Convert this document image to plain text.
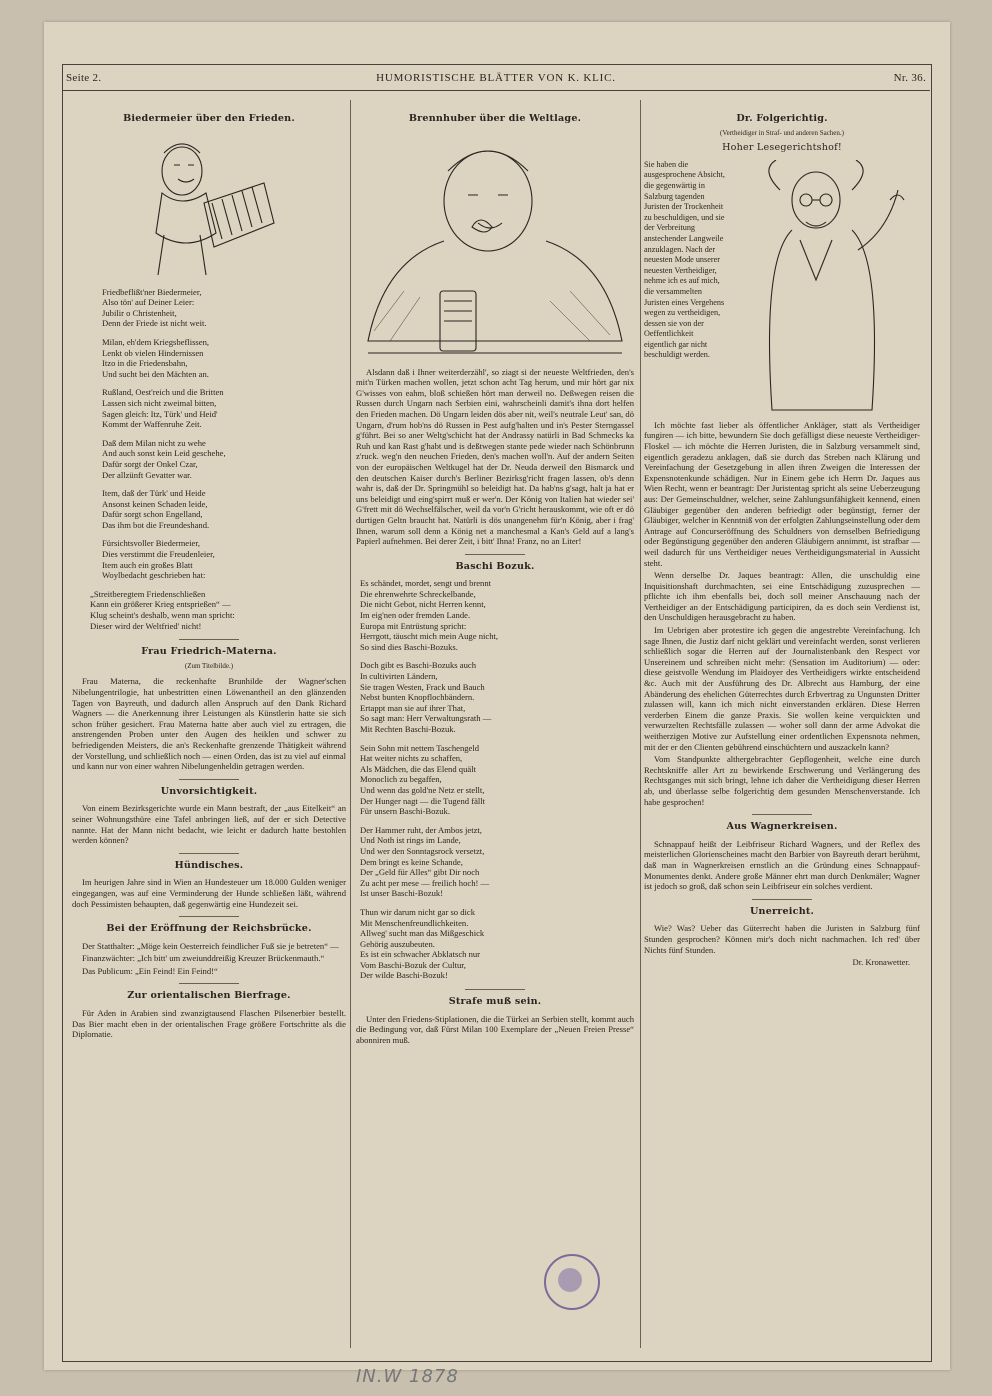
Seite 2.	HUMORISTISCHE BLÄTTER VON K. KLIC.	Nr. 36.
Biedermeier über den Frieden.

Friedbeflißt'ner Biedermeier,
Also tön' auf Deiner Leier:
Jubilir o Christenheit,
Denn der Friede ist nicht weit.

Milan, eh'dem Kriegsbeflissen,
Lenkt ob vielen Hindernissen
Itzo in die Friedensbahn,
Und sucht bei den Mächten an.

Rußland, Oest'reich und die Britten
Lassen sich nicht zweimal bitten,
Sagen gleich: Itz, Türk' und Heid'
Kommt der Waffenruhe Zeit.

Daß dem Milan nicht zu wehe
And auch sonst kein Leid geschehe,
Dafür sorgt der Onkel Czar,
Der allzünft Gevatter war.

Item, daß der Türk' und Heide
Ansonst keinen Schaden leide,
Dafür sorgt schon Engelland,
Das ihm bot die Freundeshand.

Fürsichtsvoller Biedermeier,
Dies verstimmt die Freudenleier,
Item auch ein großes Blatt
Woylbedacht geschrieben hat:

„Streitberegtem Friedenschließen
Kann ein größerer Krieg entsprießen“ —
Klug scheint's deshalb, wenn man spricht:
Dieser wird der Weltfried' nicht!

Frau Friedrich-Materna.
(Zum Titelbilde.)

Frau Materna, die reckenhafte Brunhilde der Wagner'schen Nibelungentrilogie, hat unbestritten einen Löwenantheil an den glänzenden Tagen von Bayreuth, und dadurch allen Anspruch auf den Dank Richard Wagners — die Anerkennung ihrer Leistungen als Künstlerin hatte sie sich schon früher gesichert. Frau Materna hatte aber auch viel zu ertragen, die anstrengenden Proben unter den Augen des heiklen und schwer zu befriedigenden Meisters, die an's Reckenhafte grenzende Thätigkeit während der Vorstellung, und schließlich noch — einen Orden, das ist zu viel auf einmal und kann nur von einer wahren Nibelungenheldin getragen werden.

Unvorsichtigkeit.

Von einem Bezirksgerichte wurde ein Mann bestraft, der „aus Eitelkeit“ an seiner Wohnungsthüre eine Tafel anbringen ließ, auf der er sich Detective nannte. Hat der Mann nicht bedacht, wie leicht er dadurch hatte bestohlen werden können?

Hündisches.

Im heurigen Jahre sind in Wien an Hundesteuer um 18.000 Gulden weniger eingegangen, was auf eine Verminderung der Hunde schließen läßt, während doch Pessimisten behaupten, daß gegenwärtig eine Hundezeit sei.

Bei der Eröffnung der Reichsbrücke.

Der Statthalter: „Möge kein Oesterreich feindlicher Fuß sie je betreten“ —

Finanzwächter: „Ich bitt' um zweiunddreißig Kreuzer Brückenmauth.“

Das Publicum: „Ein Feind! Ein Feind!“

Zur orientalischen Bierfrage.

Für Aden in Arabien sind zwanzigtausend Flaschen Pilsenerbier bestellt. Das Bier macht eben in der orientalischen Frage größere Fortschritte als die Diplomatie.

Brennhuber über die Weltlage.

Alsdann daß i Ihner weiterderzähl', so ziagt si der neueste Weltfrieden, den's mit'n Türken machen wollen, jetzt schon acht Tag herum, und mir hört gar nix G'wisses von eahm, bloß schießen hört man derweil no. Deßwegen reisen die Russen durch Ungarn nach Serbien eini, wahrscheinli damit's ihna dort helfen den Frieden machen. Dö Ungarn leiden dös aber nit, weil's neutrale Leut' san, dö Ungarn, d'rum hob'ns dö Russen in Pest aufg'halten und in's Pester Sterngassel g'führt. Bei so aner Weltg'schicht hat der Andrassy natürli in Bad Schmecks ka Ruh und kan Rast g'habt und is deßtwegen stante pede wieder nach Schönbrunn z'ruck. weg'n den neuchen Frieden, den's machen woll'n. Auf der andern Seiten von der europäischen Weltkugel hat der Dr. Neuda derweil den Bismarck und den deutschen Kaiser durch's Berliner Bezirksg'richt fragen lassen, ob's denn wahr is, daß der Dr. Springmühl so beleidigt hat. Da hab'ns g'sagt, halt ja hat er uns beleidigt und eing'spirrt muß er wer'n. Der König von Italien hat wieder sei' G'frett mit dö Wechselfälscher, weil da vor'n G'richt herauskommt, wie oft er dö durtigen Geltn braucht hat. Natürli is dös unangenehm für'n König, aber i frag' Ihnen, warum soll denn a König net a manchesmal a Kan's Geld auf a lang's Papierl aufnehmen. Bei derer Zeit, i bitt' Ihna! Franz, no an Liter!

Baschi Bozuk.

Es schändet, mordet, sengt und brennt
Die ehrenwehrte Schreckelbande,
Die nicht Gebot, nicht Herren kennt,
Im eig'nen oder fremden Lande.
Europa mit Entrüstung spricht:
Herrgott, täuscht mich mein Auge nicht,
So sind dies Baschi-Bozuks.

Doch gibt es Baschi-Bozuks auch
In cultivirten Ländern,
Sie tragen Westen, Frack und Bauch
Nebst bunten Knopflochbändern.
Ertappt man sie auf ihrer That,
So sagt man: Herr Verwaltungsrath —
Mit Rechten Baschi-Bozuk.

Sein Sohn mit nettem Taschengeld
Hat weiter nichts zu schaffen,
Als Mädchen, die das Elend quält
Monoclich zu begaffen,
Und wenn das gold'ne Netz er stellt,
Der Hunger nagt — die Tugend fällt
Für unsern Baschi-Bozuk.

Der Hammer ruht, der Ambos jetzt,
Und Noth ist rings im Lande,
Und wer den Sonntagsrock versetzt,
Dem bringt es keine Schande,
Der „Geld für Alles“ gibt Dir noch
Zu acht per mese — freilich hoch! —
Ist unser Baschi-Bozuk!

Thun wir darum nicht gar so dick
Mit Menschenfreundlichkeiten.
Allweg' sucht man das Mißgeschick
Gehörig auszubeuten.
Es ist ein schwacher Abklatsch nur
Vom Baschi-Bozuk der Cultur,
Der wilde Baschi-Bozuk!

Strafe muß sein.

Unter den Friedens-Stiplationen, die die Türkei an Serbien stellt, kommt auch die Bedingung vor, daß Fürst Milan 100 Exemplare der „Neuen Freien Presse“ abonniren muß.

Dr. Folgerichtig.
(Vertheidiger in Straf- und anderen Sachen.)
Hoher Lesegerichtshof!

Sie haben die ausgesprochene Absicht, die gegenwärtig in Salzburg tagenden Juristen der Trockenheit zu beschuldigen, und sie der Verbreitung anstechender Langweile anzuklagen. Nach der neuesten Mode unserer neuesten Vertheidiger, nehme ich es auf mich, die versammelten Juristen eines Vergehens wegen zu vertheidigen, dessen sie von der Oeffentlichkeit eigentlich gar nicht beschuldigt werden.

Ich möchte fast lieber als öffentlicher Ankläger, statt als Vertheidiger fungiren — ich bitte, bewundern Sie doch gefälligst diese neueste Vertheidiger-Floskel — ich möchte die Herren Juristen, die in Salzburg versammelt sind, eigentlich geradezu anklagen, daß sie durch das Streben nach Klärung und Vereinfachung der Gesetzgebung in allen ihren Zweigen die Interessen der Expensnotenkunde schädigen. Nur in Einem gebe ich Herrn Dr. Jaques aus Wien Recht, wenn er beantragt: Der Juristentag spricht als seine Ueberzeugung aus: Der Gemeinschuldner, welcher, seine Zahlungsunfähigkeit kennend, einen Gläubiger gegenüber den anderen befriedigt oder begünstigt, ferner der Gläubiger, welcher in Kenntniß von der erfolgten Zahlungseinstellung oder dem Antrage auf Concurseröffnung des Schuldners von demselben Befriedigung oder Begünstigung gegenüber den anderen Gläubigern annimmt, ist strafbar — weil dadurch für uns Vertheidiger neues Vertheidigungsmaterial in Aussicht steht.

Wenn derselbe Dr. Jaques beantragt: Allen, die unschuldig eine Inquisitionshaft durchmachten, sei eine Entschädigung zuzusprechen — pflichte ich ihm ebenfalls bei, doch soll meiner Anschauung nach der Vertheidiger an der Entschädigung participiren, da es doch sein Verdienst ist, den Unschuldigen herausgebracht zu haben.

Im Uebrigen aber protestire ich gegen die angestrebte Vereinfachung. Ich sage Ihnen, die Justiz darf nicht geklärt und vereinfacht werden, sonst verlieren schließlich sogar die Herren auf der Journalistenbank den Respect vor Unsereinem und schreiben nicht mehr: (Sensation im Auditorium) — oder: diese geistvolle Wendung im Plaidoyer des Vertheidigers wirkte entscheidend &c. Auch mit der Ausführung des Dr. Albrecht aus Hamburg, der eine Abänderung des ehelichen Güterrechtes durch Erbvertrag zu Ungunsten Dritter zulassen will, kann ich mich nicht einverstanden erklären. Diese Herren verderben Einem die ganze Praxis. Sie wollen keine verquickten und verwurzelten Rechtsfälle zulassen — woher soll dann der arme Advokat die weitherzigen Motive zur Aufstellung einer ordentlichen Expensnota nehmen, mit der er den Clienten gebührend einschüchtern und auszackeln kann?

Vom Standpunkte althergebrachter Gepflogenheit, welche eine durch Rechtskniffe aller Art zu bewirkende Erschwerung und Verlängerung des Rechtsganges mit sich bringt, lehne ich daher die Vertheidigung dieser Herren ab, und überlasse selbe folgerichtig dem gesunden Menschenverstande. Ich habe gesprochen!

Aus Wagnerkreisen.

Schnappauf heißt der Leibfriseur Richard Wagners, und der Reflex des meisterlichen Glorienscheines macht den Barbier von Bayreuth derart berühmt, daß man in Wagnerkreisen ernstlich an die Gründung eines Schnappauf-Monumentes denkt. Andere große Männer ehrt man durch Denkmäler; Wagner ist jedoch so groß, daß schon sein Leibfriseur ein solches verdient.

Unerreicht.

Wie? Was? Ueber das Güterrecht haben die Juristen in Salzburg fünf Stunden gesprochen? Können mir's doch nicht nachmachen. Ich red' über Nichts fünf Stunden.

Dr. Kronawetter.
IN.W 1878
